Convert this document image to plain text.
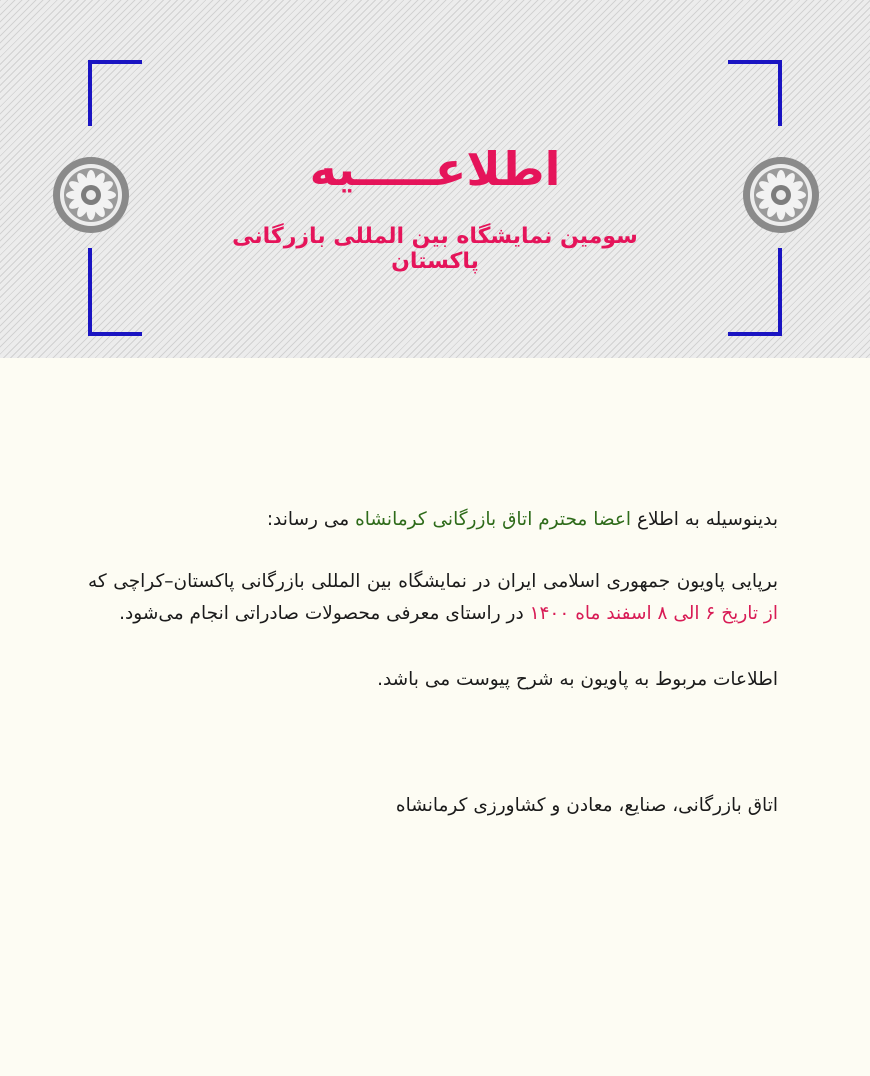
اطلاعـــــیه
سومین نمایشگاه بین المللی بازرگانی پاکستان

بدینوسیله به اطلاع اعضا محترم اتاق بازرگانی کرمانشاه می رساند:

برپایی پاویون جمهوری اسلامی ایران در نمایشگاه بین المللی بازرگانی پاکستان–کراچی که از تاریخ ۶ الی ۸ اسفند ماه ۱۴۰۰ در راستای معرفی محصولات صادراتی انجام می‌شود.

اطلاعات مربوط به پاویون به شرح پیوست می باشد.

اتاق بازرگانی، صنایع، معادن و کشاورزی کرمانشاه
